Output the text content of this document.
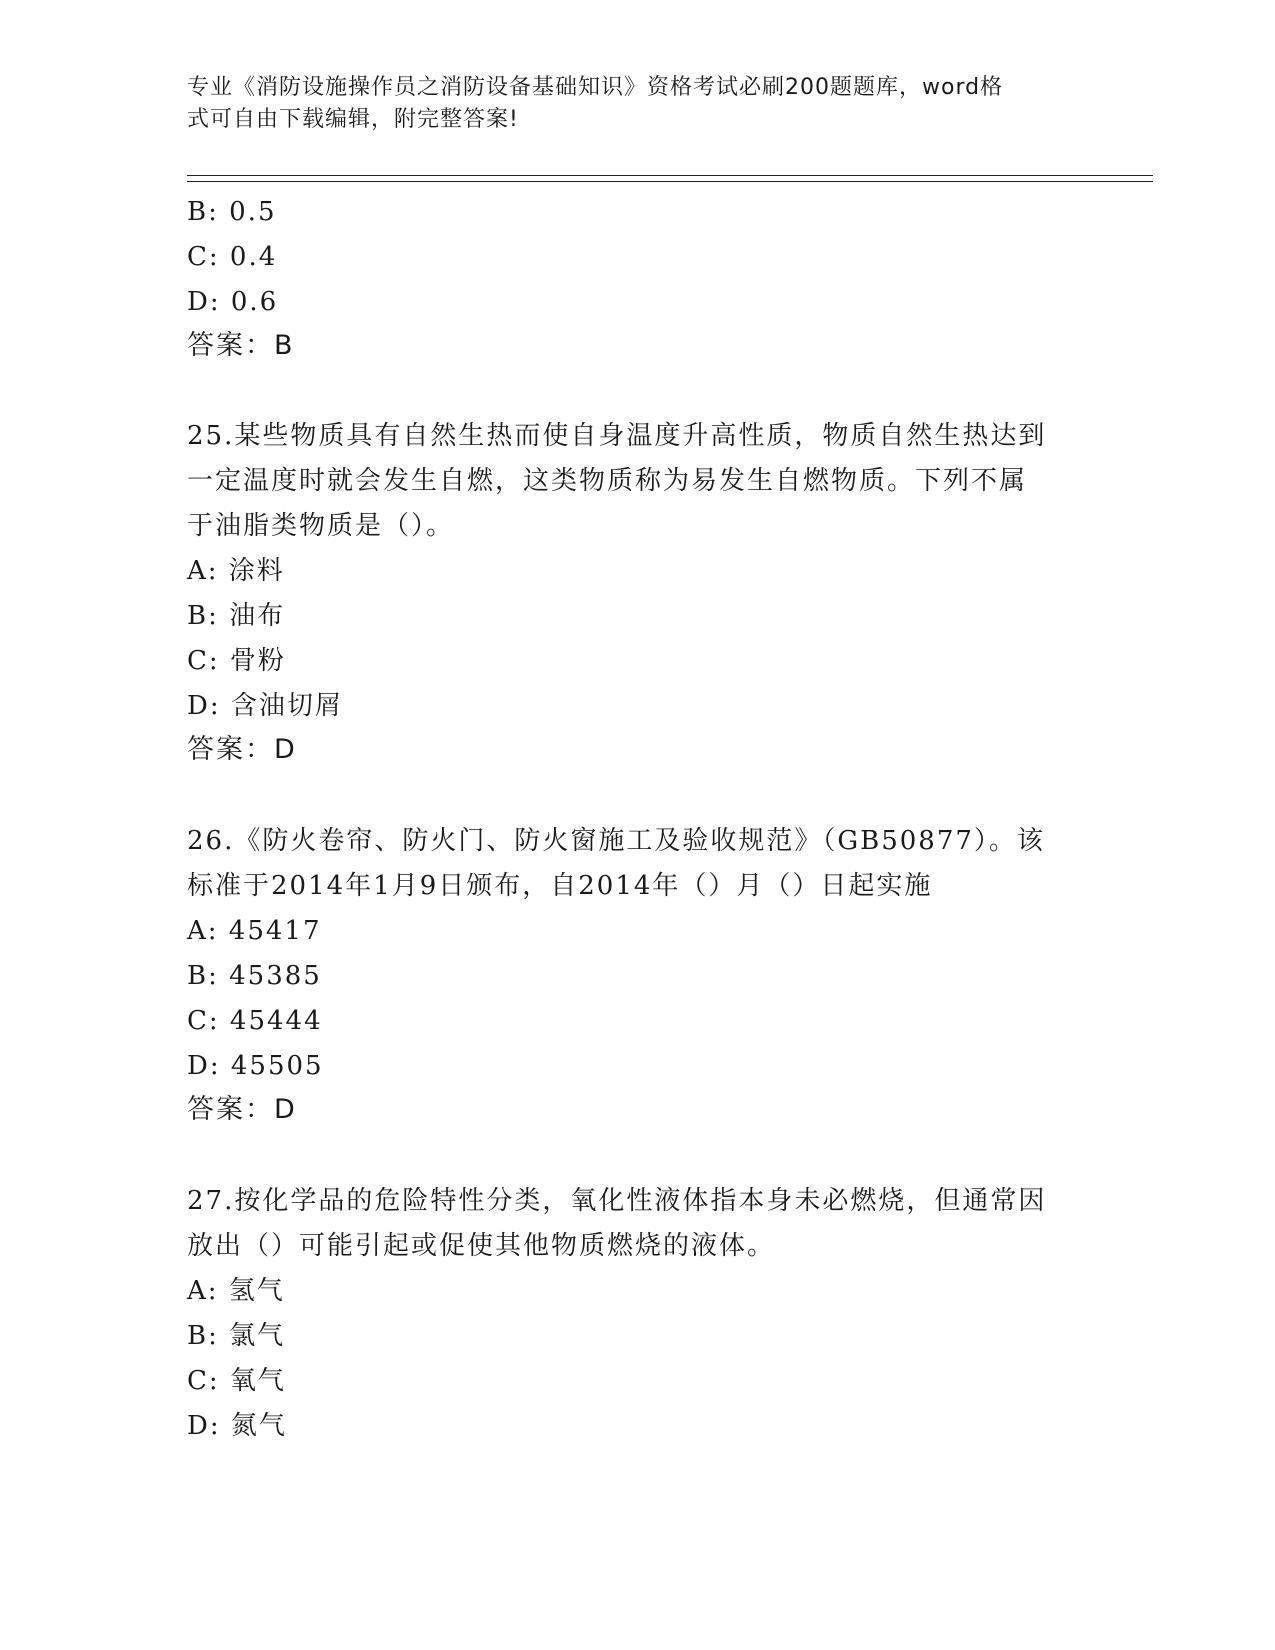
专业《消防设施操作员之消防设备基础知识》资格考试必刷200题题库，word格
式可自由下载编辑，附完整答案!
B: 0.5
C: 0.4
D: 0.6
答案：B
25.某些物质具有自然生热而使自身温度升高性质，物质自然生热达到
一定温度时就会发生自燃，这类物质称为易发生自燃物质。下列不属
于油脂类物质是（）。
A: 涂料
B: 油布
C: 骨粉
D: 含油切屑
答案：D
26.《防火卷帘、防火门、防火窗施工及验收规范》（GB50877）。该
标准于2014年1月9日颁布，自2014年（）月（）日起实施
A: 45417
B: 45385
C: 45444
D: 45505
答案：D
27.按化学品的危险特性分类，氧化性液体指本身未必燃烧，但通常因
放出（）可能引起或促使其他物质燃烧的液体。
A: 氢气
B: 氯气
C: 氧气
D: 氮气
